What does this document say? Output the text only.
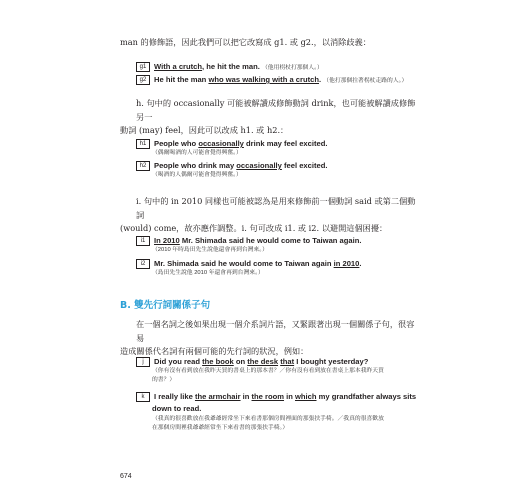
man 的修飾語，因此我們可以把它改寫成 g1. 或 g2.，以消除歧義：
g1	With a crutch, he hit the man. （他用柺杖打那個人。）
g2	He hit the man who was walking with a crutch. （他打那個拄著柺杖走路的人。）
h. 句中的 occasionally 可能被解讀成修飾動詞 drink，也可能被解讀成修飾另一
動詞 (may) feel，因此可以改成 h1. 或 h2.：
h1	People who occasionally drink may feel excited.
（偶爾喝酒的人可能會覺得興奮。）
h2	People who drink may occasionally feel excited.
（喝酒的人偶爾可能會覺得興奮。）
i. 句中的 in 2010 同樣也可能被認為是用來修飾前一個動詞 said 或第二個動詞
(would) come，故亦應作調整。i. 句可改成 i1. 或 i2. 以避開這個困擾：
i1	In 2010 Mr. Shimada said he would come to Taiwan again.
（2010 年時島田先生說他還會再到台灣來。）
i2	Mr. Shimada said he would come to Taiwan again in 2010.
（島田先生說他 2010 年還會再到台灣來。）
B. 雙先行詞關係子句
在一個名詞之後如果出現一個介系詞片語，又緊跟著出現一個關係子句，很容易
造成關係代名詞有兩個可能的先行詞的狀況，例如：
j	Did you read the book on the desk that I bought yesterday?
（你有沒有看到放在我昨天買的書桌上的那本書？／你有沒有看到放在書桌上那本我昨天買
的書？）
k	I really like the armchair in the room in which my grandfather always sits
down to read.
（我真的很喜歡放在我爺爺經常坐下來看書那個房間裡面的那張扶手椅。／我真的很喜歡放
在那個房間裡我爺爺經常坐下來看書的那張扶手椅。）
674
